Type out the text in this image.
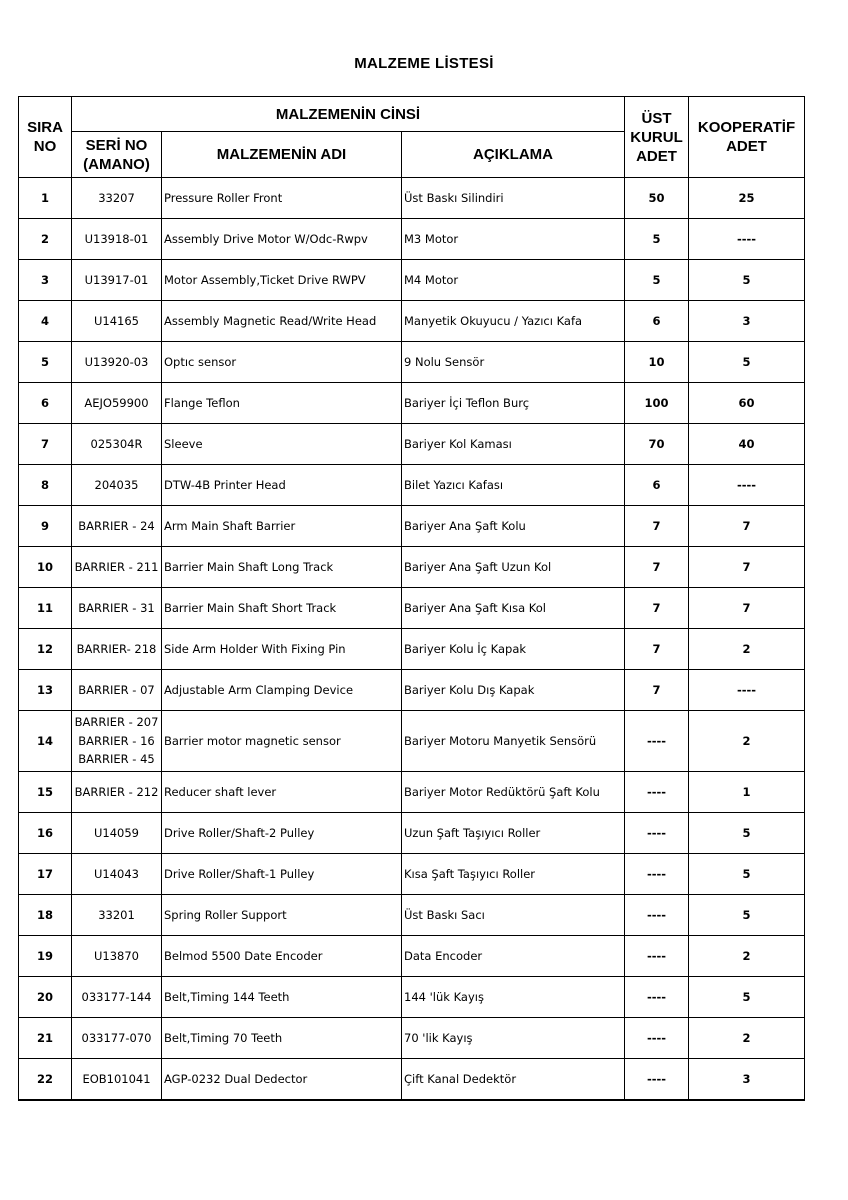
MALZEME LİSTESİ
SIRA NO	MALZEMENİN CİNSİ			ÜST KURUL ADET	KOOPERATİF ADET
	SERİ NO (AMANO)	MALZEMENİN ADI	AÇIKLAMA		
1	33207	Pressure Roller Front	Üst Baskı Silindiri	50	25
2	U13918-01	Assembly Drive Motor W/Odc-Rwpv	M3 Motor	5	----
3	U13917-01	Motor Assembly,Ticket Drive RWPV	M4 Motor	5	5
4	U14165	Assembly Magnetic Read/Write Head	Manyetik Okuyucu / Yazıcı Kafa	6	3
5	U13920-03	Optıc sensor	9 Nolu Sensör	10	5
6	AEJO59900	Flange Teflon	Bariyer İçi Teflon Burç	100	60
7	025304R	Sleeve	Bariyer Kol Kaması	70	40
8	204035	DTW-4B Printer Head	Bilet Yazıcı Kafası	6	----
9	BARRIER - 24	Arm Main Shaft Barrier	Bariyer Ana Şaft Kolu	7	7
10	BARRIER - 211	Barrier Main Shaft Long Track	Bariyer Ana Şaft Uzun Kol	7	7
11	BARRIER - 31	Barrier Main Shaft Short Track	Bariyer Ana Şaft Kısa Kol	7	7
12	BARRIER- 218	Side Arm Holder With Fixing Pin	Bariyer Kolu İç Kapak	7	2
13	BARRIER - 07	Adjustable Arm Clamping Device	Bariyer Kolu Dış Kapak	7	----
14	BARRIER - 207
BARRIER - 16
BARRIER - 45	Barrier motor magnetic sensor	Bariyer Motoru Manyetik Sensörü	----	2
15	BARRIER - 212	Reducer shaft lever	Bariyer Motor Redüktörü Şaft Kolu	----	1
16	U14059	Drive Roller/Shaft-2 Pulley	Uzun Şaft Taşıyıcı Roller	----	5
17	U14043	Drive Roller/Shaft-1 Pulley	Kısa Şaft Taşıyıcı Roller	----	5
18	33201	Spring Roller Support	Üst Baskı Sacı	----	5
19	U13870	Belmod 5500 Date Encoder	Data Encoder	----	2
20	033177-144	Belt,Timing 144 Teeth	144 'lük Kayış	----	5
21	033177-070	Belt,Timing 70 Teeth	70 'lik Kayış	----	2
22	EOB101041	AGP-0232 Dual Dedector	Çift Kanal Dedektör	----	3
